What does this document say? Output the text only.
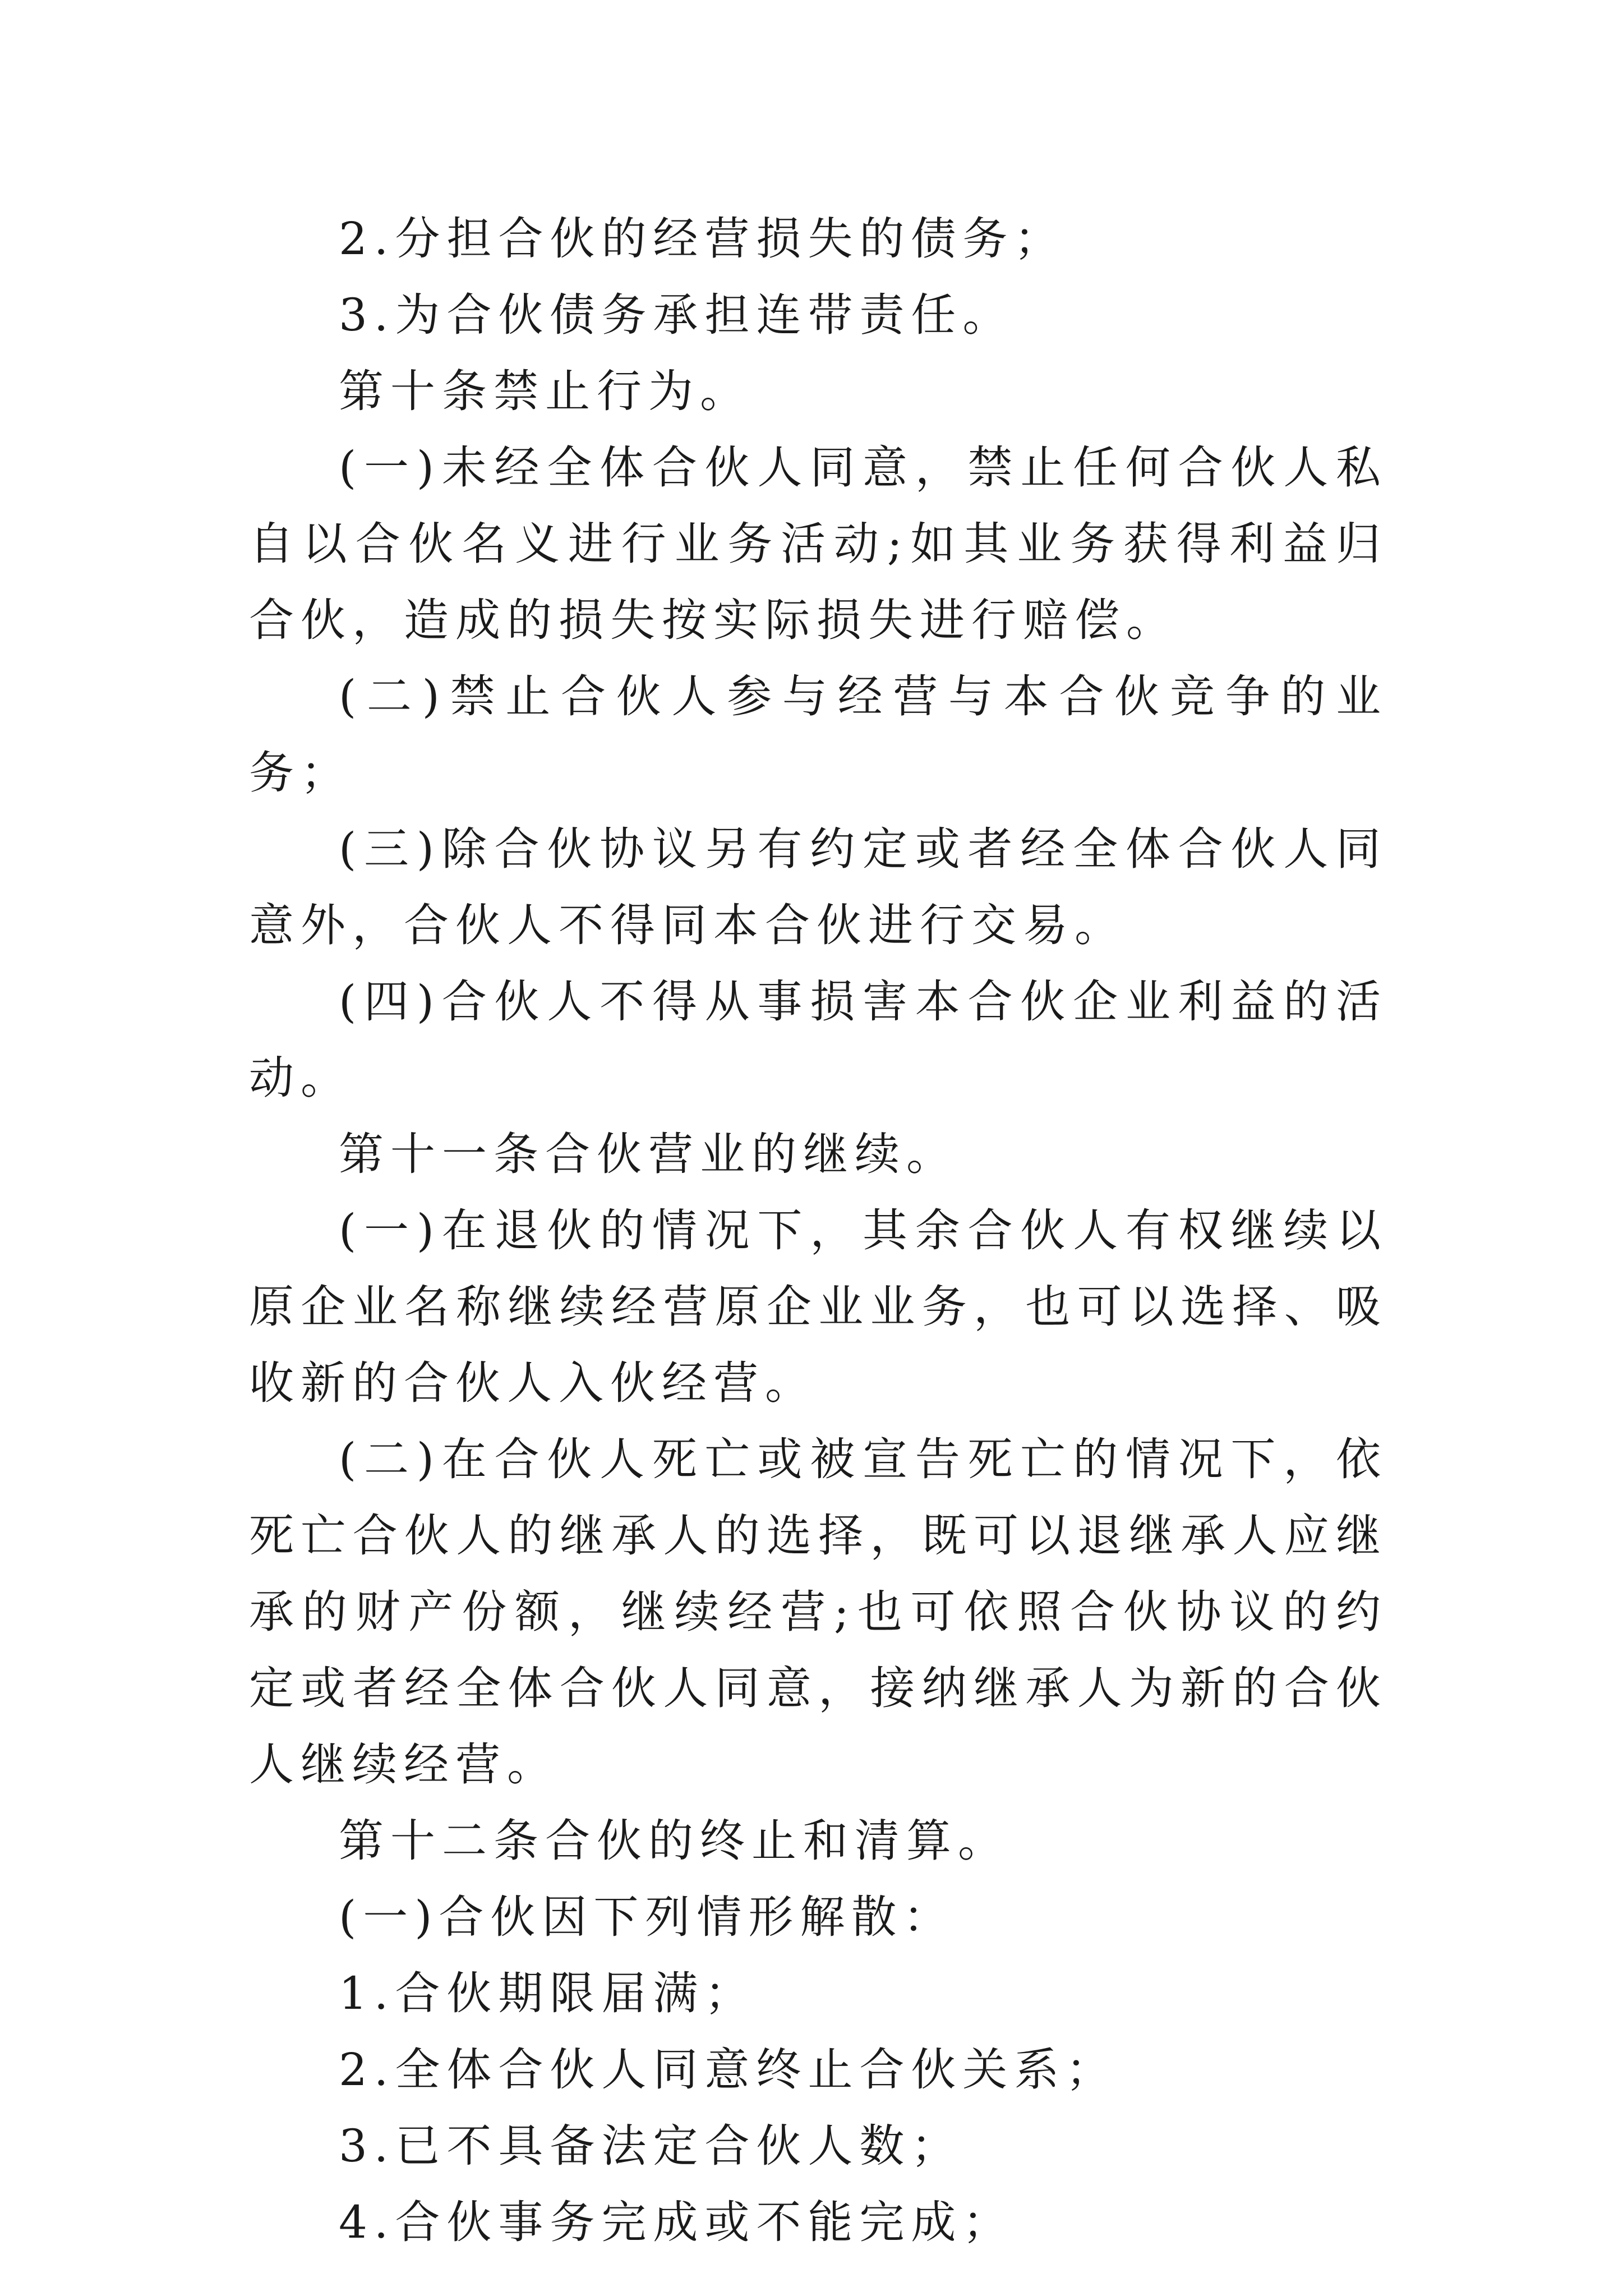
2.分担合伙的经营损失的债务；

3.为合伙债务承担连带责任。

第十条禁止行为。

(一)未经全体合伙人同意，禁止任何合伙人私自以合伙名义进行业务活动;如其业务获得利益归合伙，造成的损失按实际损失进行赔偿。

(二)禁止合伙人参与经营与本合伙竞争的业务；

(三)除合伙协议另有约定或者经全体合伙人同意外，合伙人不得同本合伙进行交易。

(四)合伙人不得从事损害本合伙企业利益的活动。

第十一条合伙营业的继续。

(一)在退伙的情况下，其余合伙人有权继续以原企业名称继续经营原企业业务，也可以选择、吸收新的合伙人入伙经营。

(二)在合伙人死亡或被宣告死亡的情况下，依死亡合伙人的继承人的选择，既可以退继承人应继承的财产份额，继续经营;也可依照合伙协议的约定或者经全体合伙人同意，接纳继承人为新的合伙人继续经营。

第十二条合伙的终止和清算。

(一)合伙因下列情形解散：

1.合伙期限届满；

2.全体合伙人同意终止合伙关系；

3.已不具备法定合伙人数；

4.合伙事务完成或不能完成；
